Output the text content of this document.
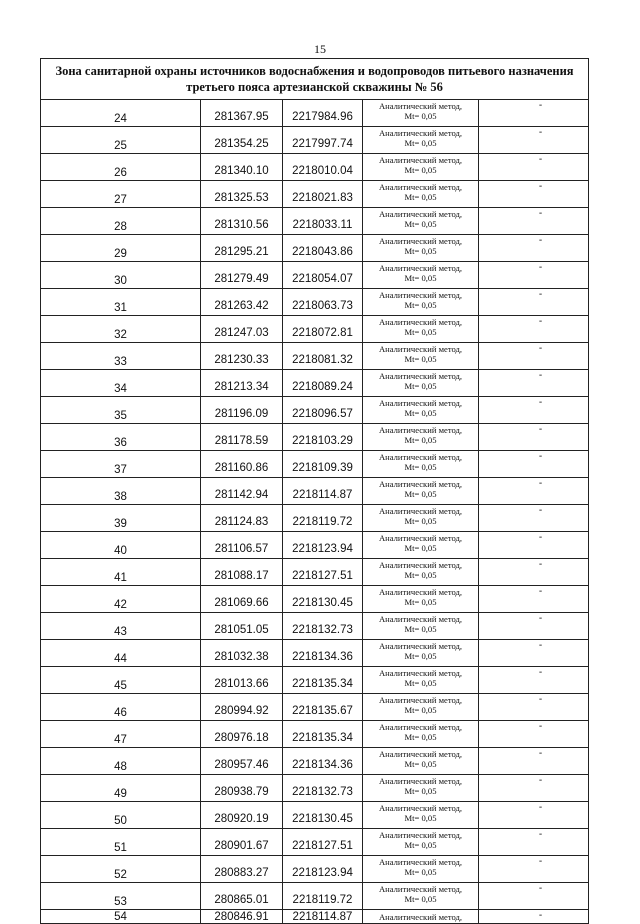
15
Зона санитарной охраны источников водоснабжения и водопроводов питьевого назначения
третьего пояса артезианской скважины № 56				

24	281367.95	2217984.96	Аналитический метод,
Mt= 0,05	-
25	281354.25	2217997.74	Аналитический метод,
Mt= 0,05	-
26	281340.10	2218010.04	Аналитический метод,
Mt= 0,05	-
27	281325.53	2218021.83	Аналитический метод,
Mt= 0,05	-
28	281310.56	2218033.11	Аналитический метод,
Mt= 0,05	-
29	281295.21	2218043.86	Аналитический метод,
Mt= 0,05	-
30	281279.49	2218054.07	Аналитический метод,
Mt= 0,05	-
31	281263.42	2218063.73	Аналитический метод,
Mt= 0,05	-
32	281247.03	2218072.81	Аналитический метод,
Mt= 0,05	-
33	281230.33	2218081.32	Аналитический метод,
Mt= 0,05	-
34	281213.34	2218089.24	Аналитический метод,
Mt= 0,05	-
35	281196.09	2218096.57	Аналитический метод,
Mt= 0,05	-
36	281178.59	2218103.29	Аналитический метод,
Mt= 0,05	-
37	281160.86	2218109.39	Аналитический метод,
Mt= 0,05	-
38	281142.94	2218114.87	Аналитический метод,
Mt= 0,05	-
39	281124.83	2218119.72	Аналитический метод,
Mt= 0,05	-
40	281106.57	2218123.94	Аналитический метод,
Mt= 0,05	-
41	281088.17	2218127.51	Аналитический метод,
Mt= 0,05	-
42	281069.66	2218130.45	Аналитический метод,
Mt= 0,05	-
43	281051.05	2218132.73	Аналитический метод,
Mt= 0,05	-
44	281032.38	2218134.36	Аналитический метод,
Mt= 0,05	-
45	281013.66	2218135.34	Аналитический метод,
Mt= 0,05	-
46	280994.92	2218135.67	Аналитический метод,
Mt= 0,05	-
47	280976.18	2218135.34	Аналитический метод,
Mt= 0,05	-
48	280957.46	2218134.36	Аналитический метод,
Mt= 0,05	-
49	280938.79	2218132.73	Аналитический метод,
Mt= 0,05	-
50	280920.19	2218130.45	Аналитический метод,
Mt= 0,05	-
51	280901.67	2218127.51	Аналитический метод,
Mt= 0,05	-
52	280883.27	2218123.94	Аналитический метод,
Mt= 0,05	-
53	280865.01	2218119.72	Аналитический метод,
Mt= 0,05	-
54	280846.91	2218114.87	Аналитический метод,	-
